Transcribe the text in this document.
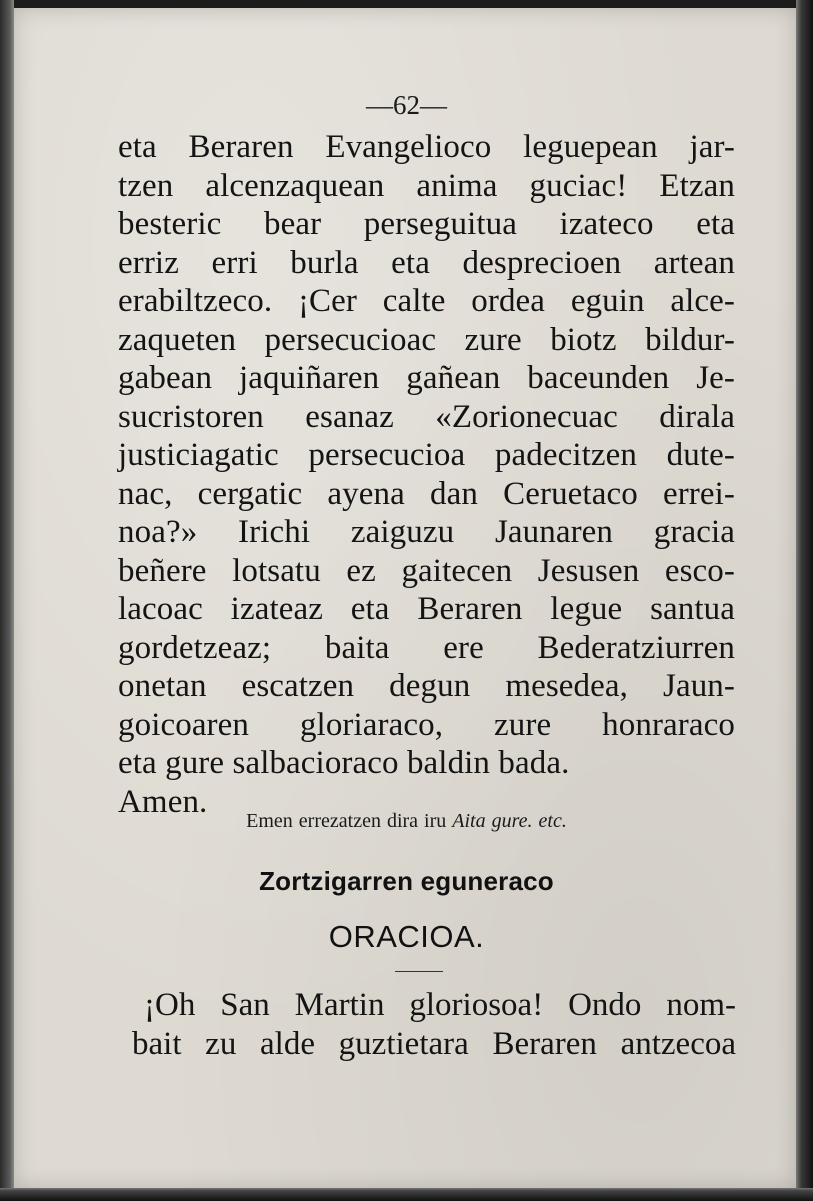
—62—
eta Beraren Evangelioco leguepean jar-
tzen alcenzaquean anima guciac! Etzan
besteric bear perseguitua izateco eta
erriz erri burla eta desprecioen artean
erabiltzeco. ¡Cer calte ordea eguin alce-
zaqueten persecucioac zure biotz bildur-
gabean jaquiñaren gañean baceunden Je-
sucristoren esanaz «Zorionecuac dirala
justiciagatic persecucioa padecitzen dute-
nac, cergatic ayena dan Ceruetaco errei-
noa?» Irichi zaiguzu Jaunaren gracia
beñere lotsatu ez gaitecen Jesusen esco-
lacoac izateaz eta Beraren legue santua
gordetzeaz; baita ere Bederatziurren
onetan escatzen degun mesedea, Jaun-
goicoaren gloriaraco, zure honraraco
eta gure salbacioraco baldin bada.
Amen.
Emen errezatzen dira iru Aita gure. etc.
Zortzigarren eguneraco
ORACIOA.
¡Oh San Martin gloriosoa! Ondo nom-
bait zu alde guztietara Beraren antzecoa
